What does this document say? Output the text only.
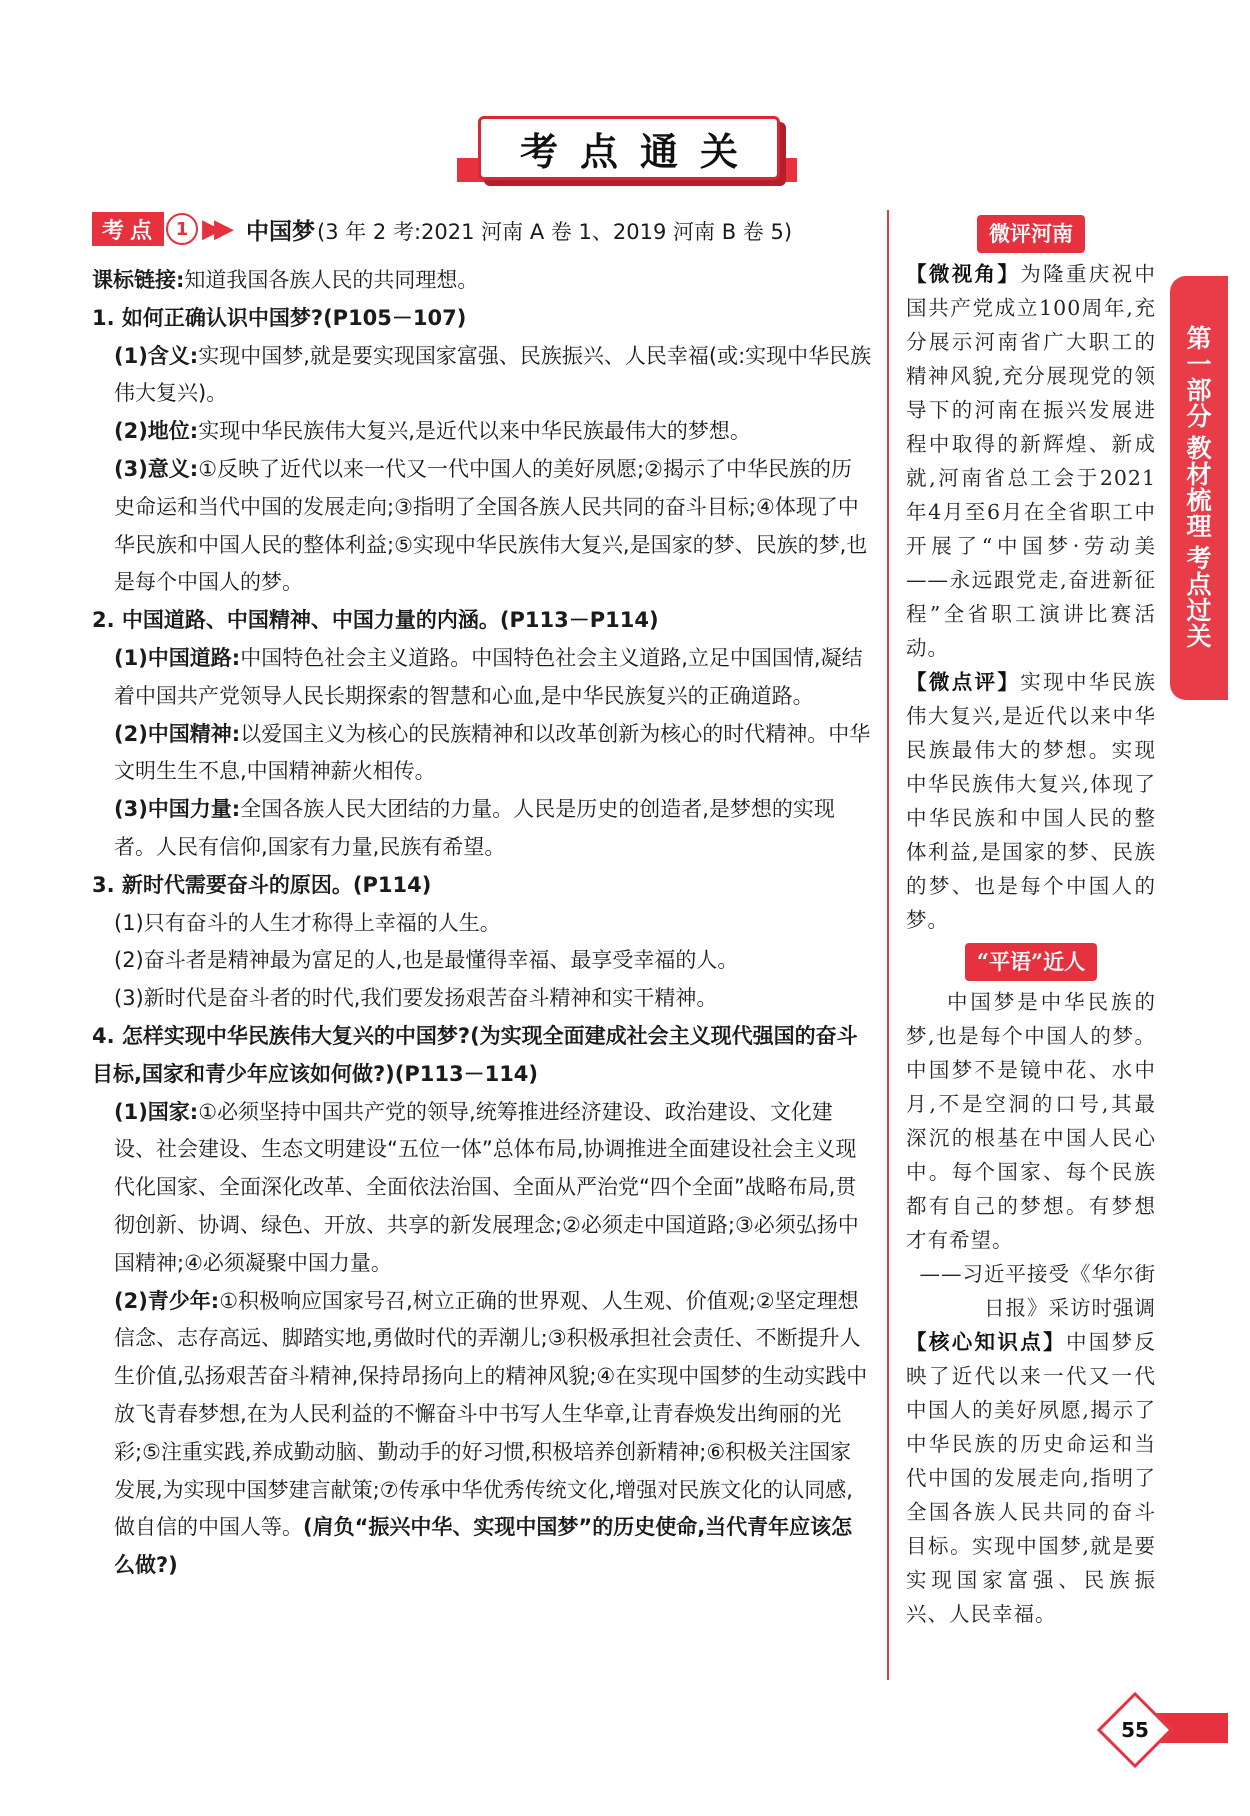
考点通关
考点 1 ▶▶ 中国梦(3 年 2 考:2021 河南 A 卷 1、2019 河南 B 卷 5)

课标链接:知道我国各族人民的共同理想。

1. 如何正确认识中国梦?(P105－107)

(1)含义:实现中国梦,就是要实现国家富强、民族振兴、人民幸福(或:实现中华民族伟大复兴)。

(2)地位:实现中华民族伟大复兴,是近代以来中华民族最伟大的梦想。

(3)意义:①反映了近代以来一代又一代中国人的美好夙愿;②揭示了中华民族的历史命运和当代中国的发展走向;③指明了全国各族人民共同的奋斗目标;④体现了中华民族和中国人民的整体利益;⑤实现中华民族伟大复兴,是国家的梦、民族的梦,也是每个中国人的梦。

2. 中国道路、中国精神、中国力量的内涵。(P113－P114)

(1)中国道路:中国特色社会主义道路。中国特色社会主义道路,立足中国国情,凝结着中国共产党领导人民长期探索的智慧和心血,是中华民族复兴的正确道路。

(2)中国精神:以爱国主义为核心的民族精神和以改革创新为核心的时代精神。中华文明生生不息,中国精神薪火相传。

(3)中国力量:全国各族人民大团结的力量。人民是历史的创造者,是梦想的实现者。人民有信仰,国家有力量,民族有希望。

3. 新时代需要奋斗的原因。(P114)

(1)只有奋斗的人生才称得上幸福的人生。

(2)奋斗者是精神最为富足的人,也是最懂得幸福、最享受幸福的人。

(3)新时代是奋斗者的时代,我们要发扬艰苦奋斗精神和实干精神。

4. 怎样实现中华民族伟大复兴的中国梦?(为实现全面建成社会主义现代强国的奋斗目标,国家和青少年应该如何做?)(P113－114)

(1)国家:①必须坚持中国共产党的领导,统筹推进经济建设、政治建设、文化建设、社会建设、生态文明建设“五位一体”总体布局,协调推进全面建设社会主义现代化国家、全面深化改革、全面依法治国、全面从严治党“四个全面”战略布局,贯彻创新、协调、绿色、开放、共享的新发展理念;②必须走中国道路;③必须弘扬中国精神;④必须凝聚中国力量。

(2)青少年:①积极响应国家号召,树立正确的世界观、人生观、价值观;②坚定理想信念、志存高远、脚踏实地,勇做时代的弄潮儿;③积极承担社会责任、不断提升人生价值,弘扬艰苦奋斗精神,保持昂扬向上的精神风貌;④在实现中国梦的生动实践中放飞青春梦想,在为人民利益的不懈奋斗中书写人生华章,让青春焕发出绚丽的光彩;⑤注重实践,养成勤动脑、勤动手的好习惯,积极培养创新精神;⑥积极关注国家发展,为实现中国梦建言献策;⑦传承中华优秀传统文化,增强对民族文化的认同感,做自信的中国人等。(肩负“振兴中华、实现中国梦”的历史使命,当代青年应该怎么做?)

微评河南

【微视角】为隆重庆祝中国共产党成立100周年,充分展示河南省广大职工的精神风貌,充分展现党的领导下的河南在振兴发展进程中取得的新辉煌、新成就,河南省总工会于2021年4月至6月在全省职工中开展了“中国梦·劳动美——永远跟党走,奋进新征程”全省职工演讲比赛活动。

【微点评】实现中华民族伟大复兴,是近代以来中华民族最伟大的梦想。实现中华民族伟大复兴,体现了中华民族和中国人民的整体利益,是国家的梦、民族的梦、也是每个中国人的梦。

“平语”近人

中国梦是中华民族的梦,也是每个中国人的梦。中国梦不是镜中花、水中月,不是空洞的口号,其最深沉的根基在中国人民心中。每个国家、每个民族都有自己的梦想。有梦想才有希望。

——习近平接受《华尔街日报》采访时强调

【核心知识点】中国梦反映了近代以来一代又一代中国人的美好夙愿,揭示了中华民族的历史命运和当代中国的发展走向,指明了全国各族人民共同的奋斗目标。实现中国梦,就是要实现国家富强、民族振兴、人民幸福。

第一部分
教材梳理
考点过关
55
